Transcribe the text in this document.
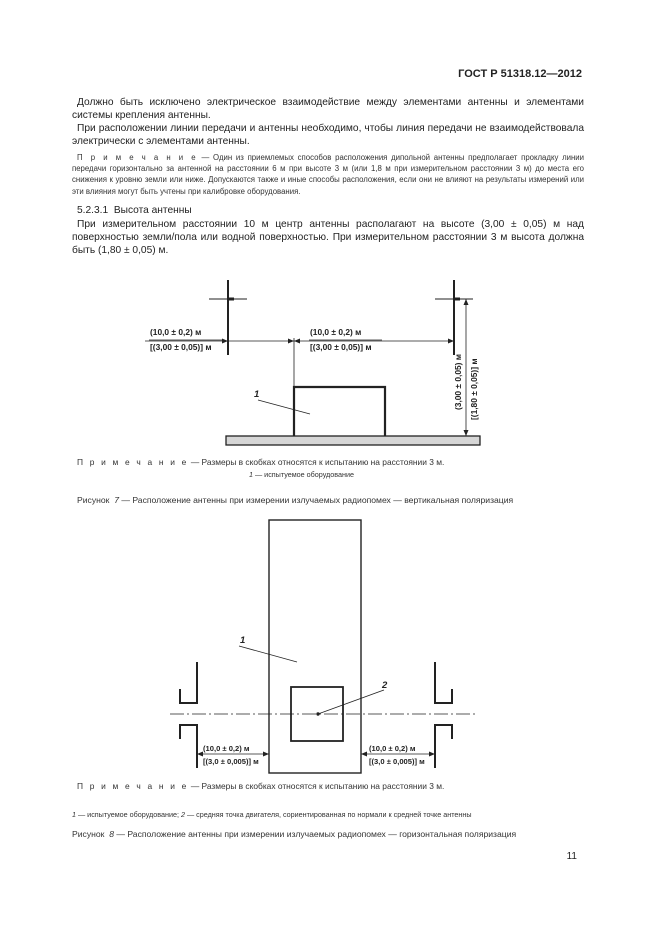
ГОСТ Р 51318.12—2012
Должно быть исключено электрическое взаимодействие между элементами антенны и элементами системы крепления антенны.
При расположении линии передачи и антенны необходимо, чтобы линия передачи не взаимодействовала электрически с элементами антенны.
П р и м е ч а н и е — Один из приемлемых способов расположения дипольной антенны предполагает прокладку линии передачи горизонтально за антенной на расстоянии 6 м при высоте 3 м (или 1,8 м при измерительном расстоянии 3 м) до места его снижения к уровню земли или ниже. Допускаются также и иные способы расположения, если они не влияют на результаты измерений или эти влияния могут быть учтены при калибровке оборудования.
5.2.3.1 Высота антенны
При измерительном расстоянии 10 м центр антенны располагают на высоте (3,00 ± 0,05) м над поверхностью земли/пола или водной поверхностью. При измерительном расстоянии 3 м высота должна быть (1,80 ± 0,05) м.
(10,0 ± 0,2) м
[(3,00 ± 0,05)] м
(10,0 ± 0,2) м
[(3,00 ± 0,05)] м
(3,00 ± 0,05) м [(1,80 ± 0,05)] м
1
(10,0 ± 0,2) м
[(3,0 ± 0,005)] м
(10,0 ± 0,2) м
[(3,0 ± 0,005)] м
1
2
П р и м е ч а н и е — Размеры в скобках относятся к испытанию на расстоянии 3 м.
1 — испытуемое оборудование
Рисунок 7 — Расположение антенны при измерении излучаемых радиопомех — вертикальная поляризация
П р и м е ч а н и е — Размеры в скобках относятся к испытанию на расстоянии 3 м.
1 — испытуемое оборудование; 2 — средняя точка двигателя, сориентированная по нормали к средней точке антенны
Рисунок 8 — Расположение антенны при измерении излучаемых радиопомех — горизонтальная поляризация
11
